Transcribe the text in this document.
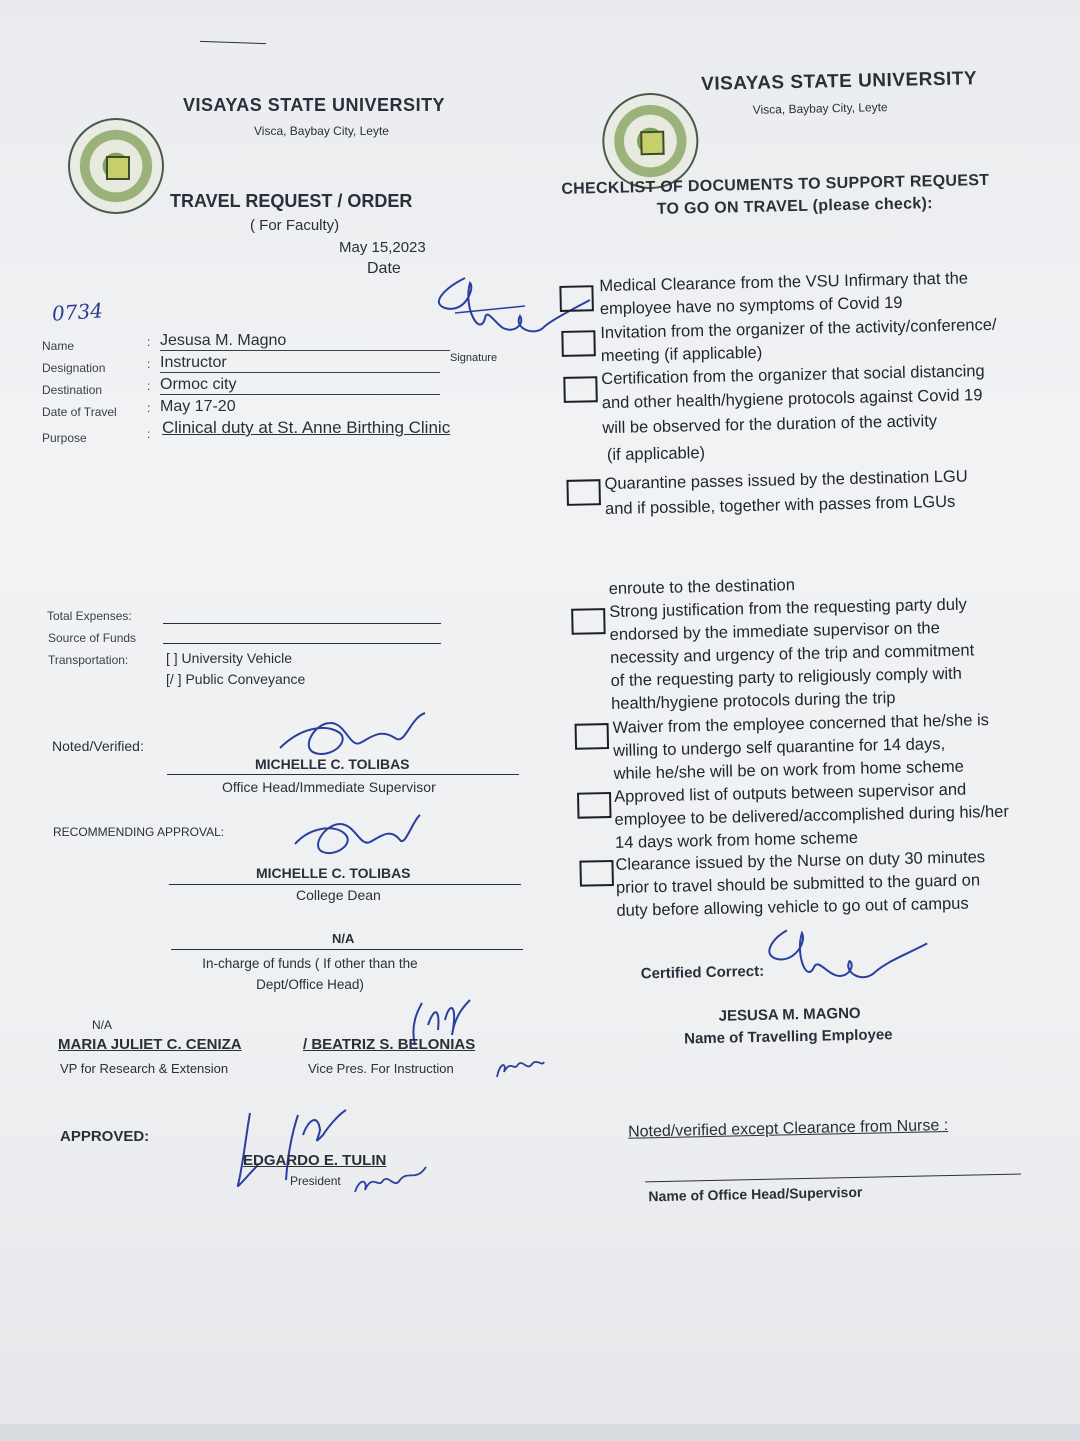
VISAYAS STATE UNIVERSITY
Visca, Baybay City, Leyte
TRAVEL REQUEST / ORDER
( For Faculty)
May 15,2023
Date
0734
Name	: Jesusa M. Magno
Designation	: Instructor
Destination	: Ormoc city
Date of Travel	: May 17-20
Purpose	: Clinical duty at St. Anne Birthing Clinic
Signature
Total Expenses:
Source of Funds
Transportation:	[ ] University Vehicle
[/ ] Public Conveyance
Noted/Verified:
MICHELLE C. TOLIBAS
Office Head/Immediate Supervisor
RECOMMENDING APPROVAL:
MICHELLE C. TOLIBAS
College Dean
N/A
In-charge of funds ( If other than the Dept/Office Head)
N/A
MARIA JULIET C. CENIZA
VP for Research & Extension
/ BEATRIZ S. BELONIAS
Vice Pres. For Instruction
APPROVED:
EDGARDO E. TULIN
President
VISAYAS STATE UNIVERSITY
Visca, Baybay City, Leyte
CHECKLIST OF DOCUMENTS TO SUPPORT REQUEST
TO GO ON TRAVEL (please check):
Medical Clearance from the VSU Infirmary that the
employee have no symptoms of Covid 19
Invitation from the organizer of the activity/conference/
meeting (if applicable)
Certification from the organizer that social distancing
and other health/hygiene protocols against Covid 19
will be observed for the duration of the activity
(if applicable)
Quarantine passes issued by the destination LGU
and if possible, together with passes from LGUs
enroute to the destination
Strong justification from the requesting party duly
endorsed by the immediate supervisor on the
necessity and urgency of the trip and commitment
of the requesting party to religiously comply with
health/hygiene protocols during the trip
Waiver from the employee concerned that he/she is
willing to undergo self quarantine for 14 days,
while he/she will be on work from home scheme
Approved list of outputs between supervisor and
employee to be delivered/accomplished during his/her
14 days work from home scheme
Clearance issued by the Nurse on duty 30 minutes
prior to travel should be submitted to the guard on
duty before allowing vehicle to go out of campus
Certified Correct:
JESUSA M. MAGNO
Name of Travelling Employee
Noted/verified except Clearance from Nurse :
Name of Office Head/Supervisor
